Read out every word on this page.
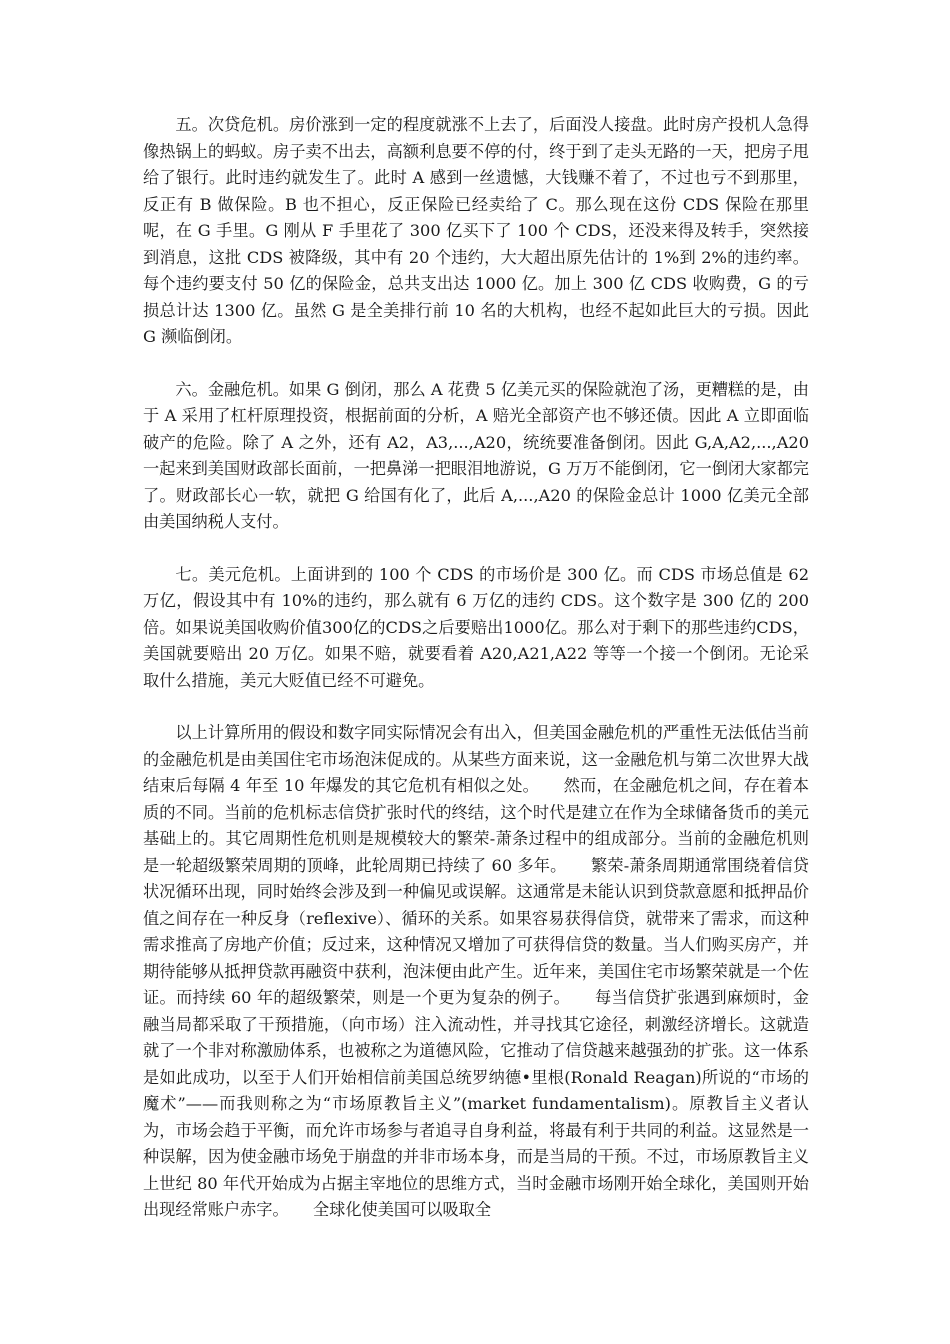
五。次贷危机。房价涨到一定的程度就涨不上去了，后面没人接盘。此时房产投机人急得像热锅上的蚂蚁。房子卖不出去，高额利息要不停的付，终于到了走头无路的一天，把房子甩给了银行。此时违约就发生了。此时 A 感到一丝遗憾，大钱赚不着了，不过也亏不到那里，反正有 B 做保险。B 也不担心，反正保险已经卖给了 C。那么现在这份 CDS 保险在那里呢，在 G 手里。G 刚从 F 手里花了 300 亿买下了 100 个 CDS，还没来得及转手，突然接到消息，这批 CDS 被降级，其中有 20 个违约，大大超出原先估计的 1%到 2%的违约率。每个违约要支付 50 亿的保险金，总共支出达 1000 亿。加上 300 亿 CDS 收购费，G 的亏损总计达 1300 亿。虽然 G 是全美排行前 10 名的大机构，也经不起如此巨大的亏损。因此 G 濒临倒闭。

六。金融危机。如果 G 倒闭，那么 A 花费 5 亿美元买的保险就泡了汤，更糟糕的是，由于 A 采用了杠杆原理投资，根据前面的分析，A 赔光全部资产也不够还债。因此 A 立即面临破产的危险。除了 A 之外，还有 A2，A3,...,A20，统统要准备倒闭。因此 G,A,A2,...,A20 一起来到美国财政部长面前，一把鼻涕一把眼泪地游说，G 万万不能倒闭，它一倒闭大家都完了。财政部长心一软，就把 G 给国有化了，此后 A,...,A20 的保险金总计 1000 亿美元全部由美国纳税人支付。

七。美元危机。上面讲到的 100 个 CDS 的市场价是 300 亿。而 CDS 市场总值是 62 万亿，假设其中有 10%的违约，那么就有 6 万亿的违约 CDS。这个数字是 300 亿的 200 倍。如果说美国收购价值300亿的CDS之后要赔出1000亿。那么对于剩下的那些违约CDS，美国就要赔出 20 万亿。如果不赔，就要看着 A20,A21,A22 等等一个接一个倒闭。无论采取什么措施，美元大贬值已经不可避免。

以上计算所用的假设和数字同实际情况会有出入，但美国金融危机的严重性无法低估当前的金融危机是由美国住宅市场泡沫促成的。从某些方面来说，这一金融危机与第二次世界大战结束后每隔 4 年至 10 年爆发的其它危机有相似之处。　　然而，在金融危机之间，存在着本质的不同。当前的危机标志信贷扩张时代的终结，这个时代是建立在作为全球储备货币的美元基础上的。其它周期性危机则是规模较大的繁荣-萧条过程中的组成部分。当前的金融危机则是一轮超级繁荣周期的顶峰，此轮周期已持续了 60 多年。　　繁荣-萧条周期通常围绕着信贷状况循环出现，同时始终会涉及到一种偏见或误解。这通常是未能认识到贷款意愿和抵押品价值之间存在一种反身（reflexive）、循环的关系。如果容易获得信贷，就带来了需求，而这种需求推高了房地产价值；反过来，这种情况又增加了可获得信贷的数量。当人们购买房产，并期待能够从抵押贷款再融资中获利，泡沫便由此产生。近年来，美国住宅市场繁荣就是一个佐证。而持续 60 年的超级繁荣，则是一个更为复杂的例子。　　每当信贷扩张遇到麻烦时，金融当局都采取了干预措施，（向市场）注入流动性，并寻找其它途径，刺激经济增长。这就造就了一个非对称激励体系，也被称之为道德风险，它推动了信贷越来越强劲的扩张。这一体系是如此成功，以至于人们开始相信前美国总统罗纳德•里根(Ronald Reagan)所说的“市场的魔术”——而我则称之为“市场原教旨主义”(market fundamentalism)。原教旨主义者认为，市场会趋于平衡，而允许市场参与者追寻自身利益，将最有利于共同的利益。这显然是一种误解，因为使金融市场免于崩盘的并非市场本身，而是当局的干预。不过，市场原教旨主义上世纪 80 年代开始成为占据主宰地位的思维方式，当时金融市场刚开始全球化，美国则开始出现经常账户赤字。　　全球化使美国可以吸取全
